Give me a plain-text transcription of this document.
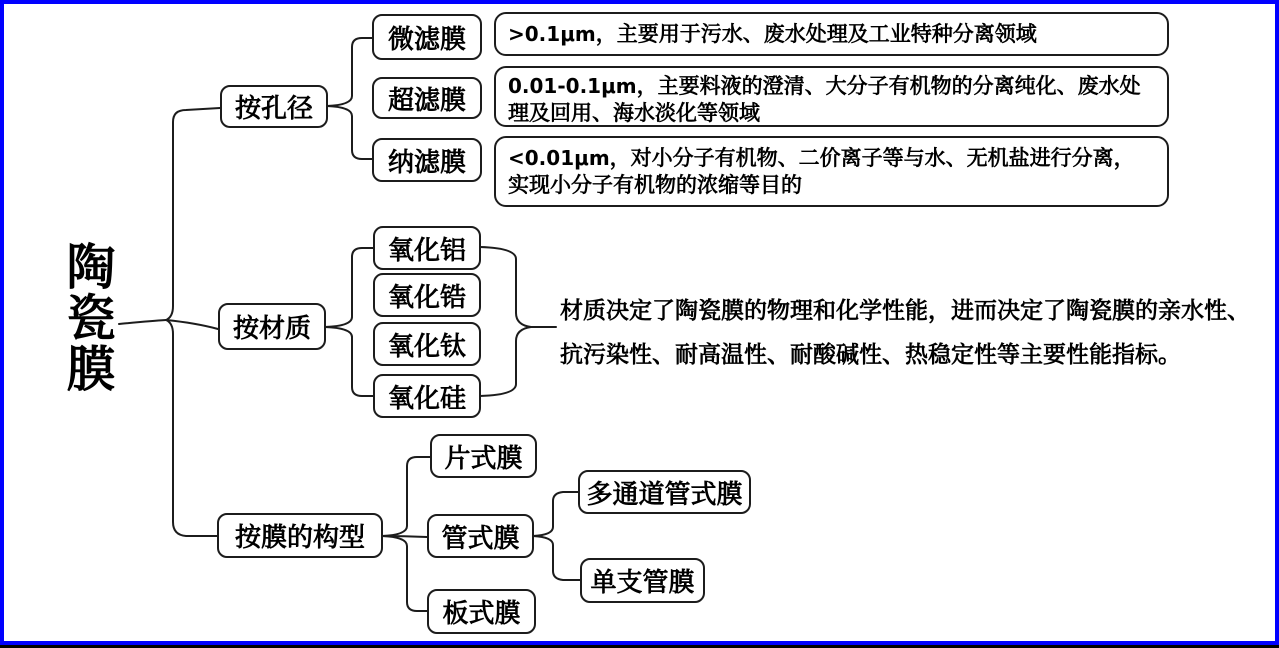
陶瓷膜
按孔径
微滤膜
超滤膜
纳滤膜
>0.1μm，主要用于污水、废水处理及工业特种分离领域
0.01-0.1μm，主要料液的澄清、大分子有机物的分离纯化、废水处理及回用、海水淡化等领域
<0.01μm，对小分子有机物、二价离子等与水、无机盐进行分离，实现小分子有机物的浓缩等目的
按材质
氧化铝
氧化锆
氧化钛
氧化硅
材质决定了陶瓷膜的物理和化学性能，进而决定了陶瓷膜的亲水性、
抗污染性、耐高温性、耐酸碱性、热稳定性等主要性能指标。
按膜的构型
片式膜
管式膜
板式膜
多通道管式膜
单支管膜
